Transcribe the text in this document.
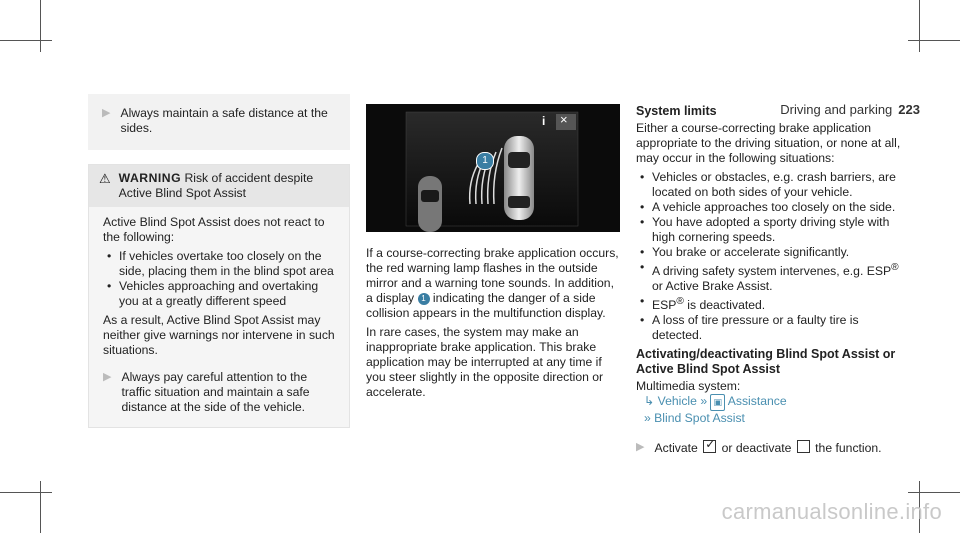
Driving and parking 223
▶ Always maintain a safe distance at the sides.
⚠ WARNING Risk of accident despite Active Blind Spot Assist

Active Blind Spot Assist does not react to the following:

• If vehicles overtake too closely on the side, placing them in the blind spot area
• Vehicles approaching and overtaking you at a greatly different speed

As a result, Active Blind Spot Assist may neither give warnings nor intervene in such situations.

▶ Always pay careful attention to the traffic situation and maintain a safe distance at the side of the vehicle.
1
i ×

If a course-correcting brake application occurs, the red warning lamp flashes in the outside mirror and a warning tone sounds. In addition, a display 1 indicating the danger of a side collision appears in the multifunction display.

In rare cases, the system may make an inappropriate brake application. This brake application may be interrupted at any time if you steer slightly in the opposite direction or accelerate.

System limits

Either a course-correcting brake application appropriate to the driving situation, or none at all, may occur in the following situations:

• Vehicles or obstacles, e.g. crash barriers, are located on both sides of your vehicle.
• A vehicle approaches too closely on the side.
• You have adopted a sporty driving style with high cornering speeds.
• You brake or accelerate significantly.
• A driving safety system intervenes, e.g. ESP® or Active Brake Assist.
• ESP® is deactivated.
• A loss of tire pressure or a faulty tire is detected.
Activating/deactivating Blind Spot Assist or Active Blind Spot Assist
Multimedia system:
↳ Vehicle » ▣ Assistance
» Blind Spot Assist
▶ Activate ✓ or deactivate the function.
carmanualsonline.info
